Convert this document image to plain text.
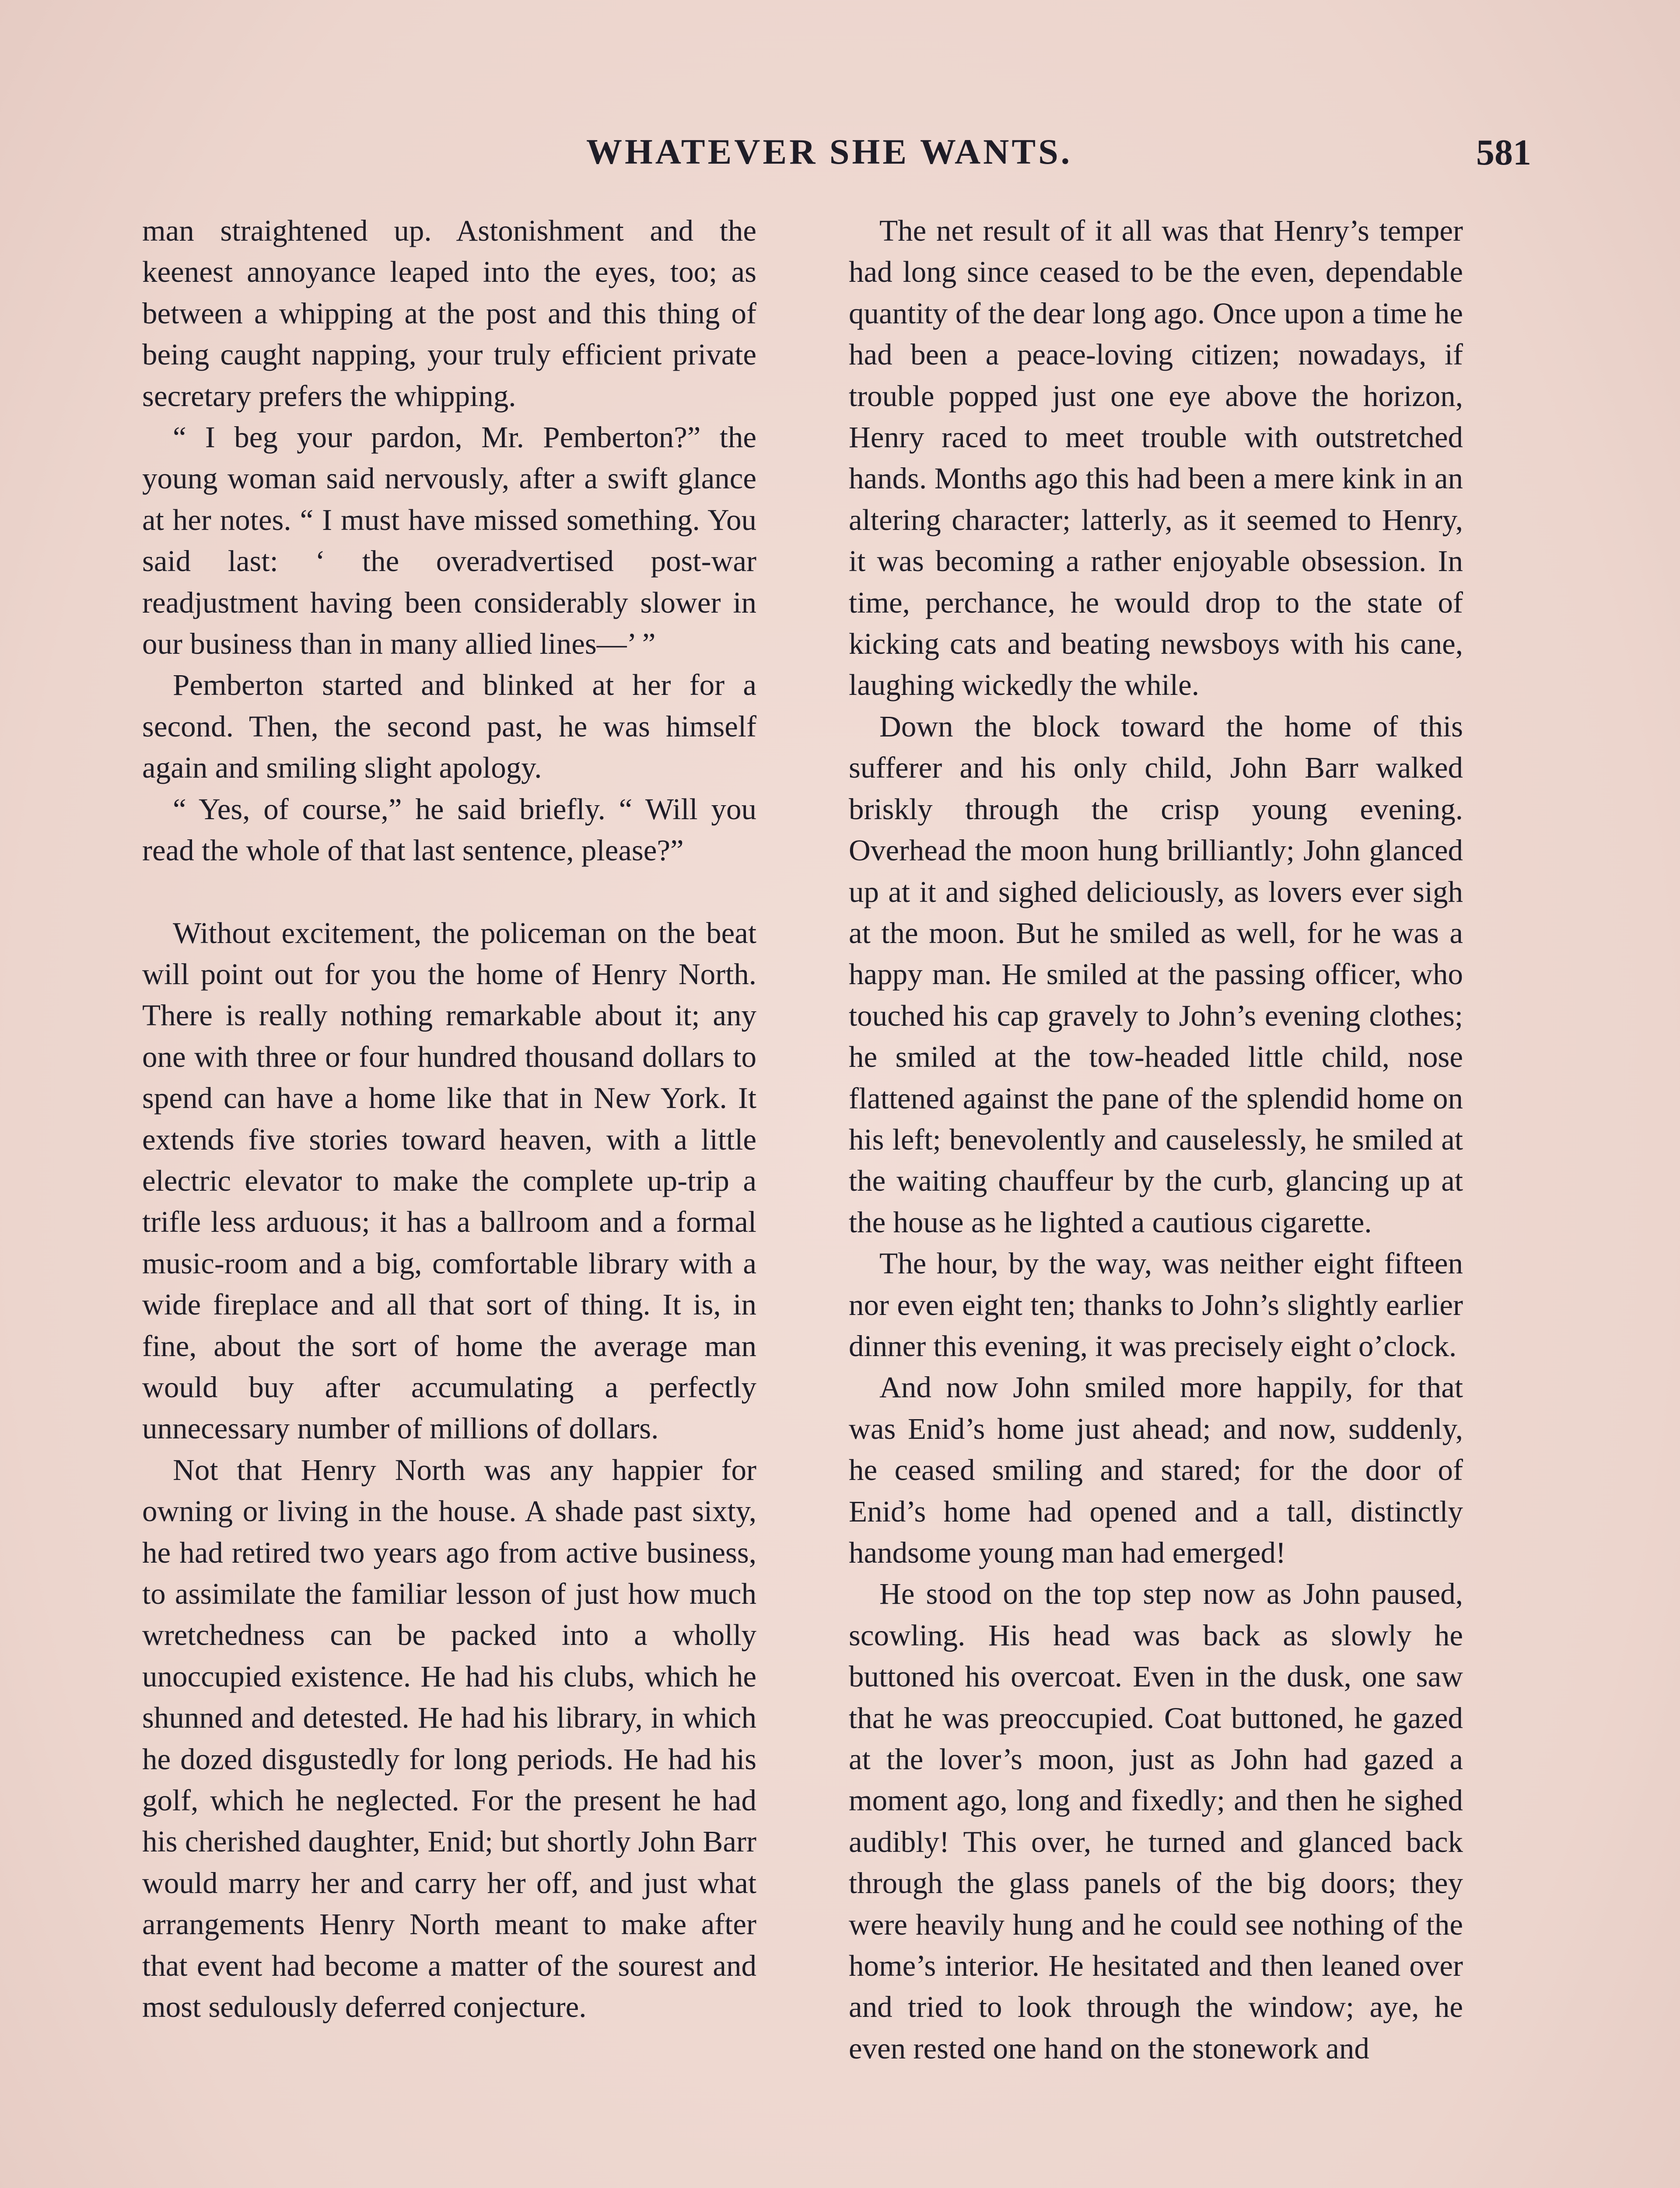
WHATEVER SHE WANTS.	581

man straightened up. Astonishment and the keenest annoyance leaped into the eyes, too; as between a whipping at the post and this thing of being caught napping, your truly efficient private secretary prefers the whipping.

“ I beg your pardon, Mr. Pemberton?” the young woman said nervously, after a swift glance at her notes. “ I must have missed something. You said last: ‘ the overadvertised post-war readjustment having been considerably slower in our business than in many allied lines—’ ”

Pemberton started and blinked at her for a second. Then, the second past, he was himself again and smiling slight apology.

“ Yes, of course,” he said briefly. “ Will you read the whole of that last sentence, please?”

Without excitement, the policeman on the beat will point out for you the home of Henry North. There is really nothing remarkable about it; any one with three or four hundred thousand dollars to spend can have a home like that in New York. It extends five stories toward heaven, with a little electric elevator to make the complete up-trip a trifle less arduous; it has a ballroom and a formal music-room and a big, comfortable library with a wide fireplace and all that sort of thing. It is, in fine, about the sort of home the average man would buy after accumulating a perfectly unnecessary number of millions of dollars.

Not that Henry North was any happier for owning or living in the house. A shade past sixty, he had retired two years ago from active business, to assimilate the familiar lesson of just how much wretchedness can be packed into a wholly unoccupied existence. He had his clubs, which he shunned and detested. He had his library, in which he dozed disgustedly for long periods. He had his golf, which he neglected. For the present he had his cherished daughter, Enid; but shortly John Barr would marry her and carry her off, and just what arrangements Henry North meant to make after that event had become a matter of the sourest and most sedulously deferred conjecture.

The net result of it all was that Henry’s temper had long since ceased to be the even, dependable quantity of the dear long ago. Once upon a time he had been a peace-loving citizen; nowadays, if trouble popped just one eye above the horizon, Henry raced to meet trouble with outstretched hands. Months ago this had been a mere kink in an altering character; latterly, as it seemed to Henry, it was becoming a rather enjoyable obsession. In time, perchance, he would drop to the state of kicking cats and beating newsboys with his cane, laughing wickedly the while.

Down the block toward the home of this sufferer and his only child, John Barr walked briskly through the crisp young evening. Overhead the moon hung brilliantly; John glanced up at it and sighed deliciously, as lovers ever sigh at the moon. But he smiled as well, for he was a happy man. He smiled at the passing officer, who touched his cap gravely to John’s evening clothes; he smiled at the tow-headed little child, nose flattened against the pane of the splendid home on his left; benevolently and causelessly, he smiled at the waiting chauffeur by the curb, glancing up at the house as he lighted a cautious cigarette.

The hour, by the way, was neither eight fifteen nor even eight ten; thanks to John’s slightly earlier dinner this evening, it was precisely eight o’clock.

And now John smiled more happily, for that was Enid’s home just ahead; and now, suddenly, he ceased smiling and stared; for the door of Enid’s home had opened and a tall, distinctly handsome young man had emerged!

He stood on the top step now as John paused, scowling. His head was back as slowly he buttoned his overcoat. Even in the dusk, one saw that he was preoccupied. Coat buttoned, he gazed at the lover’s moon, just as John had gazed a moment ago, long and fixedly; and then he sighed audibly! This over, he turned and glanced back through the glass panels of the big doors; they were heavily hung and he could see nothing of the home’s interior. He hesitated and then leaned over and tried to look through the window; aye, he even rested one hand on the stonework and
